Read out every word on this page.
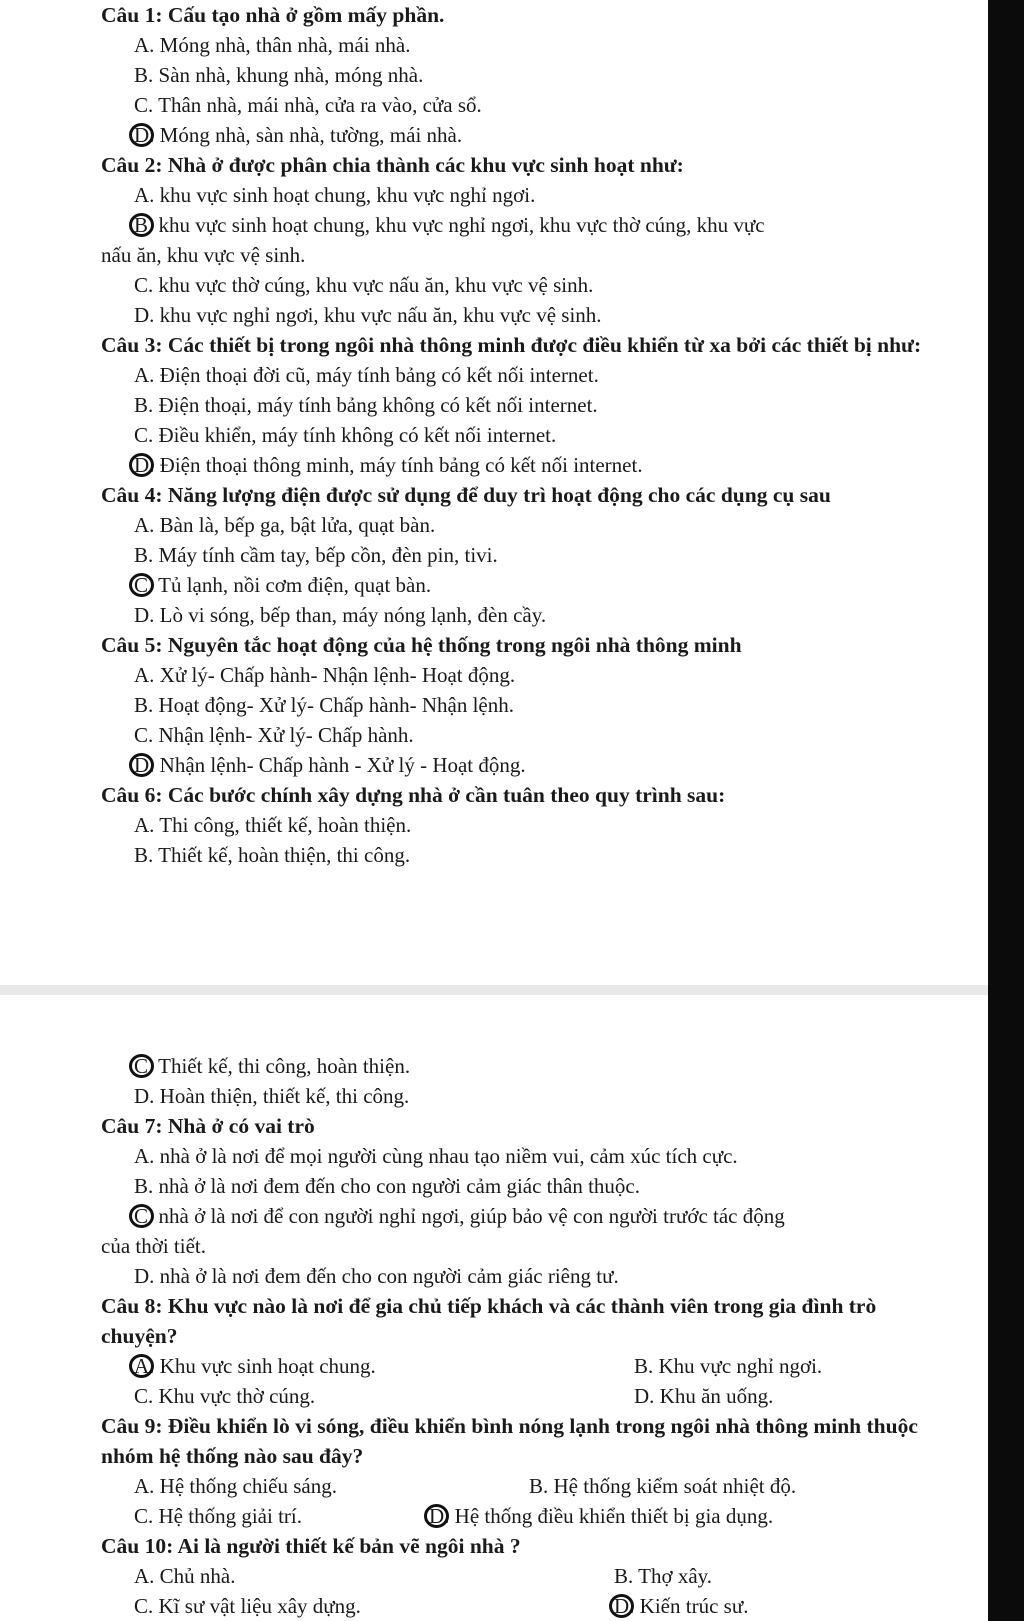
Câu 1: Cấu tạo nhà ở gồm mấy phần.
A. Móng nhà, thân nhà, mái nhà.
B. Sàn nhà, khung nhà, móng nhà.
C. Thân nhà, mái nhà, cửa ra vào, cửa sổ.
D. Móng nhà, sàn nhà, tường, mái nhà.
Câu 2: Nhà ở được phân chia thành các khu vực sinh hoạt như:
A. khu vực sinh hoạt chung, khu vực nghỉ ngơi.
B. khu vực sinh hoạt chung, khu vực nghỉ ngơi, khu vực thờ cúng, khu vực
nấu ăn, khu vực vệ sinh.
C. khu vực thờ cúng, khu vực nấu ăn, khu vực vệ sinh.
D. khu vực nghỉ ngơi, khu vực nấu ăn, khu vực vệ sinh.
Câu 3: Các thiết bị trong ngôi nhà thông minh được điều khiển từ xa bởi các thiết bị như:
A. Điện thoại đời cũ, máy tính bảng có kết nối internet.
B. Điện thoại, máy tính bảng không có kết nối internet.
C. Điều khiển, máy tính không có kết nối internet.
D. Điện thoại thông minh, máy tính bảng có kết nối internet.
Câu 4: Năng lượng điện được sử dụng để duy trì hoạt động cho các dụng cụ sau
A. Bàn là, bếp ga, bật lửa, quạt bàn.
B. Máy tính cầm tay, bếp cồn, đèn pin, tivi.
C. Tủ lạnh, nồi cơm điện, quạt bàn.
D. Lò vi sóng, bếp than, máy nóng lạnh, đèn cầy.
Câu 5: Nguyên tắc hoạt động của hệ thống trong ngôi nhà thông minh
A. Xử lý- Chấp hành- Nhận lệnh- Hoạt động.
B. Hoạt động- Xử lý- Chấp hành- Nhận lệnh.
C. Nhận lệnh- Xử lý- Chấp hành.
D. Nhận lệnh- Chấp hành - Xử lý - Hoạt động.
Câu 6: Các bước chính xây dựng nhà ở cần tuân theo quy trình sau:
A. Thi công, thiết kế, hoàn thiện.
B. Thiết kế, hoàn thiện, thi công.
C. Thiết kế, thi công, hoàn thiện.
D. Hoàn thiện, thiết kế, thi công.
Câu 7: Nhà ở có vai trò
A. nhà ở là nơi để mọi người cùng nhau tạo niềm vui, cảm xúc tích cực.
B. nhà ở là nơi đem đến cho con người cảm giác thân thuộc.
C. nhà ở là nơi để con người nghỉ ngơi, giúp bảo vệ con người trước tác động
của thời tiết.
D. nhà ở là nơi đem đến cho con người cảm giác riêng tư.
Câu 8: Khu vực nào là nơi để gia chủ tiếp khách và các thành viên trong gia đình trò chuyện?
A. Khu vực sinh hoạt chung.	B. Khu vực nghỉ ngơi.
C. Khu vực thờ cúng.	D. Khu ăn uống.
Câu 9: Điều khiển lò vi sóng, điều khiển bình nóng lạnh trong ngôi nhà thông minh thuộc nhóm hệ thống nào sau đây?
A. Hệ thống chiếu sáng.	B. Hệ thống kiểm soát nhiệt độ.
C. Hệ thống giải trí.	D. Hệ thống điều khiển thiết bị gia dụng.
Câu 10: Ai là người thiết kế bản vẽ ngôi nhà ?
A. Chủ nhà.	B. Thợ xây.
C. Kĩ sư vật liệu xây dựng.	D. Kiến trúc sư.
